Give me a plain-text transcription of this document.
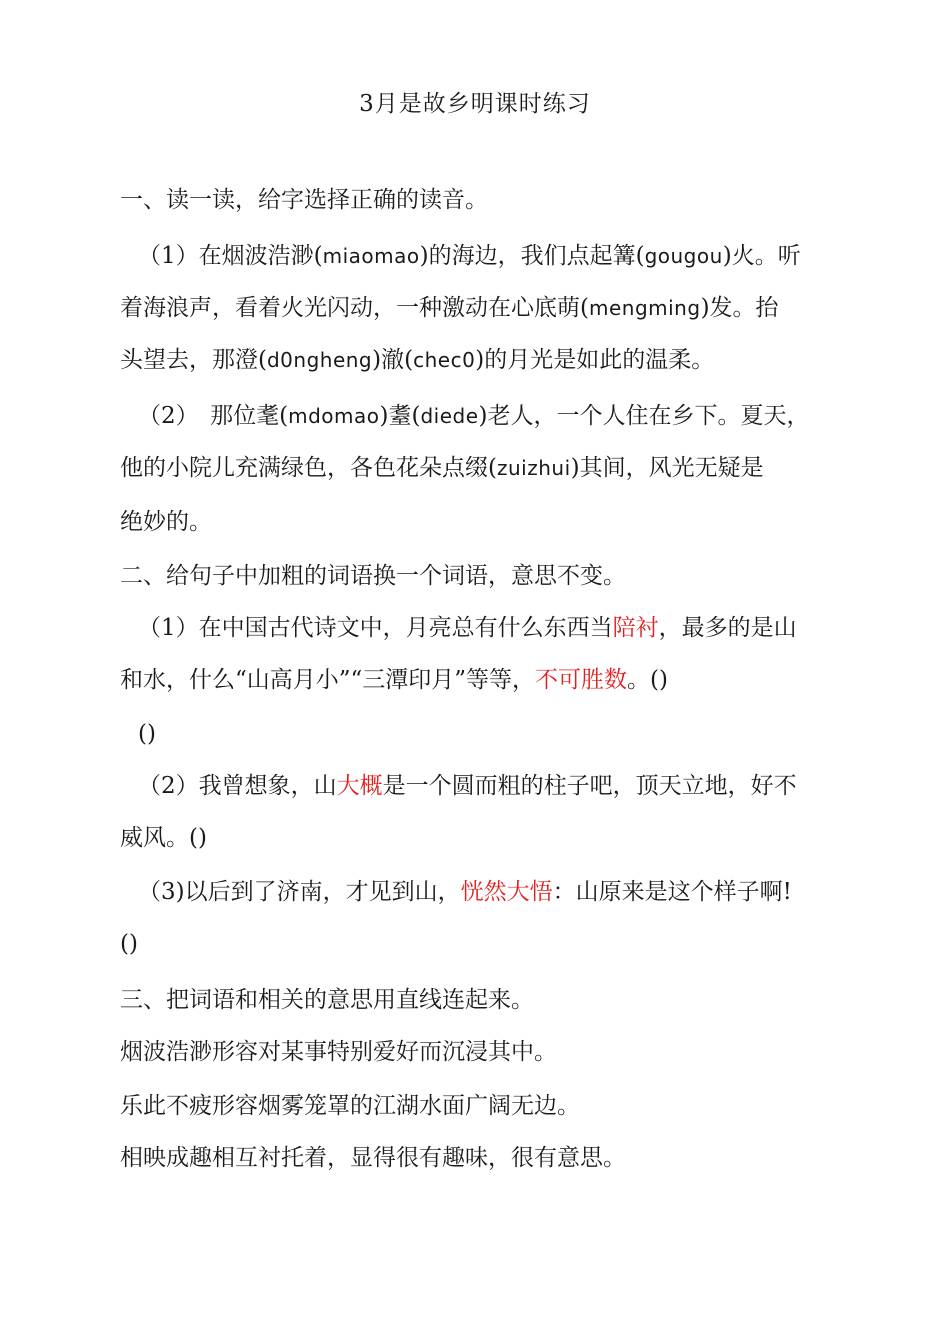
3月是故乡明课时练习
一、读一读，给字选择正确的读音。
（1）在烟波浩渺(miaomao)的海边，我们点起篝(gougou)火。听
着海浪声，看着火光闪动，一种激动在心底萌(mengming)发。抬
头望去，那澄(d0ngheng)澈(chec0)的月光是如此的温柔。
（2）　那位耄(mdomao)耋(diede)老人，一个人住在乡下。夏天，
他的小院儿充满绿色，各色花朵点缀(zuizhui)其间，风光无疑是
绝妙的。
二、给句子中加粗的词语换一个词语，意思不变。
（1）在中国古代诗文中，月亮总有什么东西当陪衬，最多的是山
和水，什么“山高月小”“三潭印月”等等，不可胜数。()
()
（2）我曾想象，山大概是一个圆而粗的柱子吧，顶天立地，好不
威风。()
（3)以后到了济南，才见到山，恍然大悟：山原来是这个样子啊!
()
三、把词语和相关的意思用直线连起来。
烟波浩渺形容对某事特别爱好而沉浸其中。
乐此不疲形容烟雾笼罩的江湖水面广阔无边。
相映成趣相互衬托着，显得很有趣味，很有意思。
